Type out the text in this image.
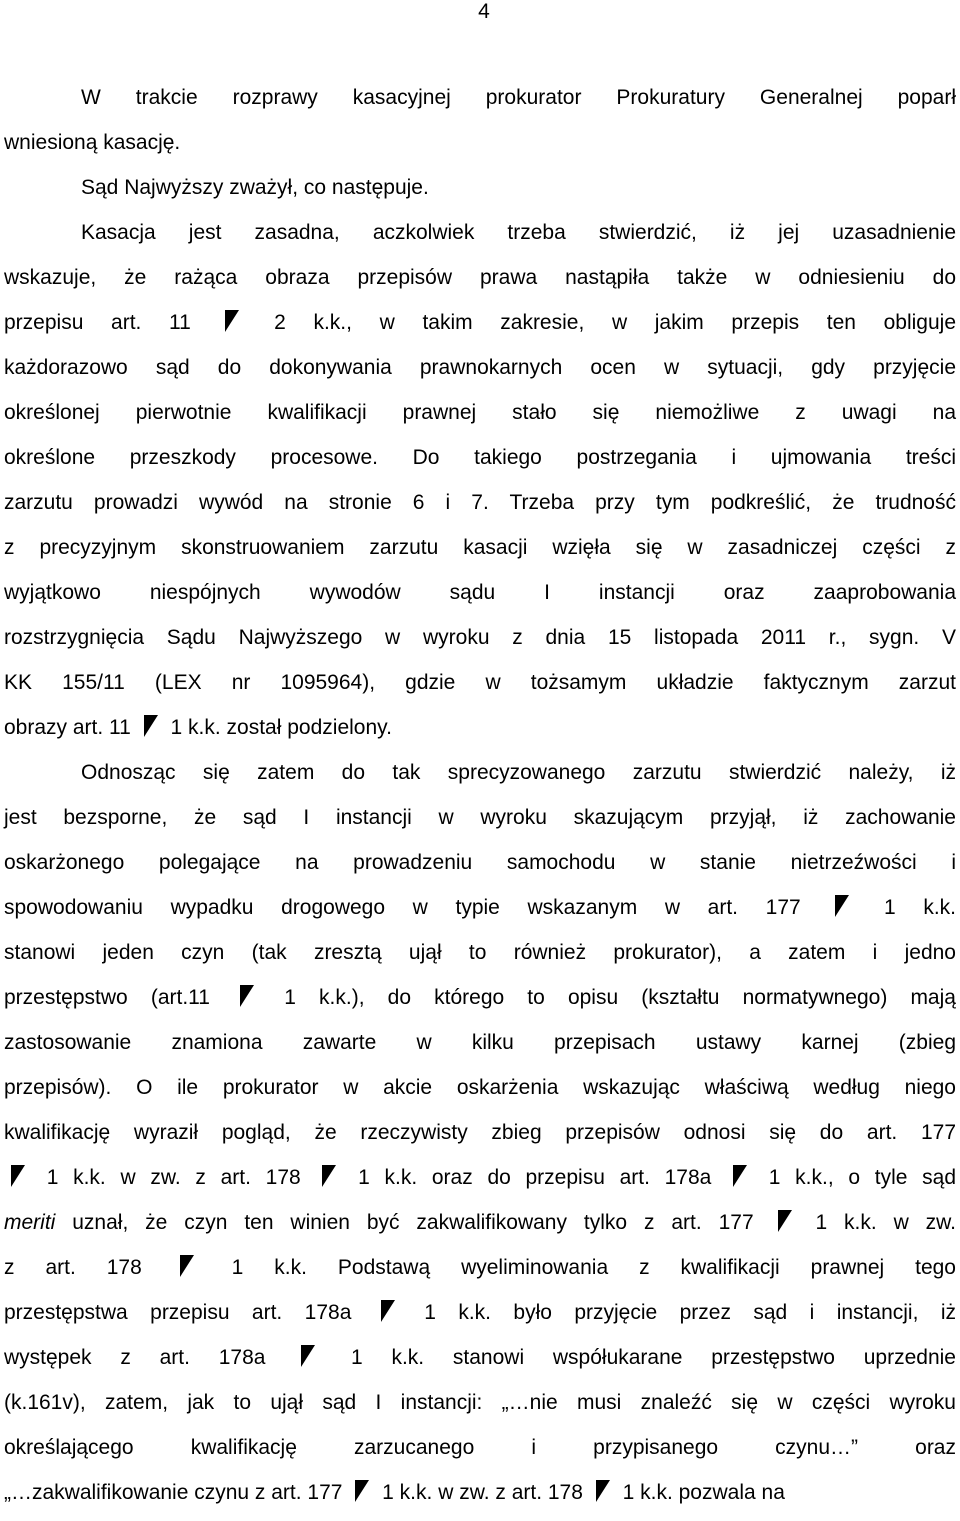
4
W trakcie rozprawy kasacyjnej prokurator Prokuratury Generalnej poparł
wniesioną kasację.
Sąd Najwyższy zważył, co następuje.
Kasacja jest zasadna, aczkolwiek trzeba stwierdzić, iż jej uzasadnienie
wskazuje, że rażąca obraza przepisów prawa nastąpiła także w odniesieniu do
przepisu art. 11	2 k.k., w takim zakresie, w jakim przepis ten obliguje
każdorazowo sąd do dokonywania prawnokarnych ocen w sytuacji, gdy przyjęcie
określonej pierwotnie kwalifikacji prawnej stało się niemożliwe z uwagi na
określone przeszkody procesowe. Do takiego postrzegania i ujmowania treści
zarzutu prowadzi wywód na stronie 6 i 7. Trzeba przy tym podkreślić, że trudność
z precyzyjnym skonstruowaniem zarzutu kasacji wzięła się w zasadniczej części z
wyjątkowo niespójnych wywodów sądu I instancji oraz zaaprobowania
rozstrzygnięcia Sądu Najwyższego w wyroku z dnia 15 listopada 2011 r., sygn. V
KK 155/11 (LEX nr 1095964), gdzie w tożsamym układzie faktycznym zarzut
obrazy art. 11 1 k.k. został podzielony.
Odnosząc się zatem do tak sprecyzowanego zarzutu stwierdzić należy, iż
jest bezsporne, że sąd I instancji w wyroku skazującym przyjął, iż zachowanie
oskarżonego polegające na prowadzeniu samochodu w stanie nietrzeźwości i
spowodowaniu wypadku drogowego w typie wskazanym w art. 177	1 k.k.
stanowi jeden czyn (tak zresztą ujął to również prokurator), a zatem i jedno
przestępstwo (art.11	1 k.k.), do którego to opisu (kształtu normatywnego) mają
zastosowanie znamiona zawarte w kilku przepisach ustawy karnej (zbieg
przepisów). O ile prokurator w akcie oskarżenia wskazując właściwą według niego
kwalifikację wyraził pogląd, że rzeczywisty zbieg przepisów odnosi się do art. 177
1 k.k. w zw. z art. 178	1 k.k. oraz do przepisu art. 178a	1 k.k., o tyle sąd
meriti uznał, że czyn ten winien być zakwalifikowany tylko z art. 177	1 k.k. w zw.
z art. 178	1 k.k. Podstawą wyeliminowania z kwalifikacji prawnej tego
przestępstwa przepisu art. 178a	1 k.k. było przyjęcie przez sąd i instancji, iż
występek z art. 178a	1 k.k. stanowi współukarane przestępstwo uprzednie
(k.161v), zatem, jak to ujął sąd I instancji: „…nie musi znaleźć się w części wyroku
określającego kwalifikację zarzucanego i przypisanego czynu…” oraz
„…zakwalifikowanie czynu z art. 177 1 k.k. w zw. z art. 178 1 k.k. pozwala na
